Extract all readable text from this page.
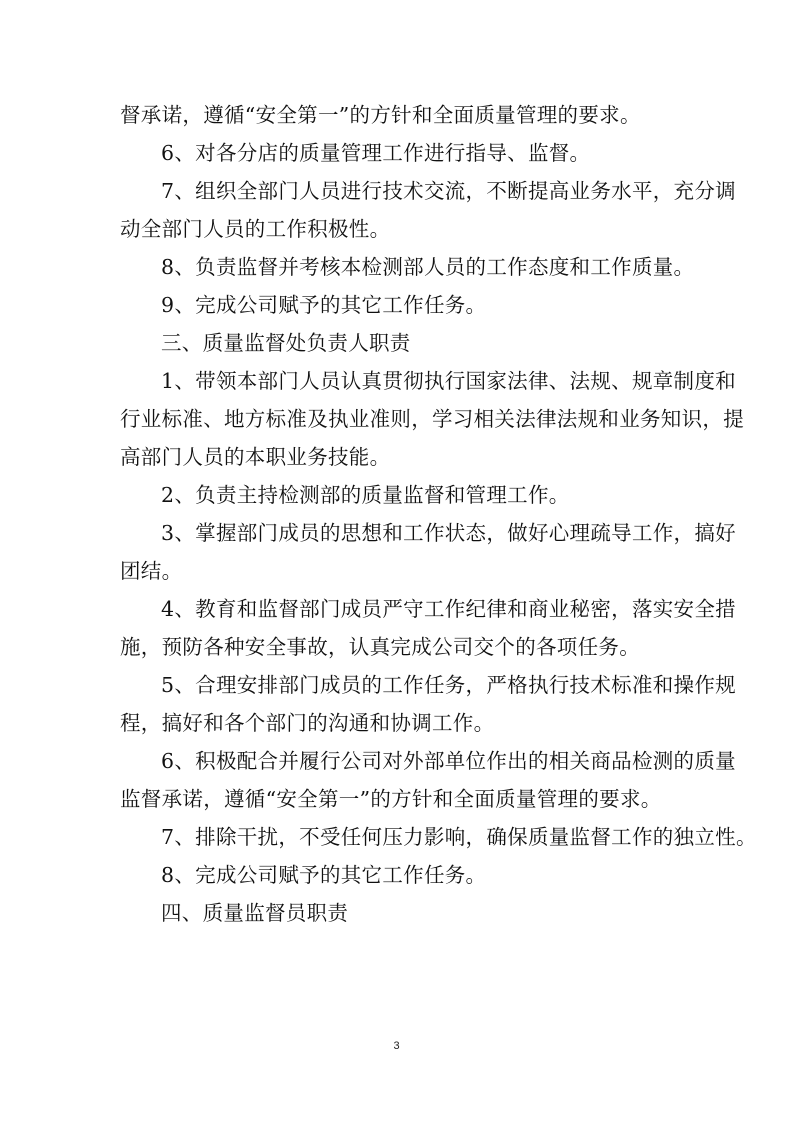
督承诺，遵循“安全第一”的方针和全面质量管理的要求。
6、对各分店的质量管理工作进行指导、监督。
7、组织全部门人员进行技术交流，不断提高业务水平，充分调
动全部门人员的工作积极性。
8、负责监督并考核本检测部人员的工作态度和工作质量。
9、完成公司赋予的其它工作任务。
三、质量监督处负责人职责
1、带领本部门人员认真贯彻执行国家法律、法规、规章制度和
行业标准、地方标准及执业准则，学习相关法律法规和业务知识，提
高部门人员的本职业务技能。
2、负责主持检测部的质量监督和管理工作。
3、掌握部门成员的思想和工作状态，做好心理疏导工作，搞好
团结。
4、教育和监督部门成员严守工作纪律和商业秘密，落实安全措
施，预防各种安全事故，认真完成公司交个的各项任务。
5、合理安排部门成员的工作任务，严格执行技术标准和操作规
程，搞好和各个部门的沟通和协调工作。
6、积极配合并履行公司对外部单位作出的相关商品检测的质量
监督承诺，遵循“安全第一”的方针和全面质量管理的要求。
7、排除干扰，不受任何压力影响，确保质量监督工作的独立性。
8、完成公司赋予的其它工作任务。
四、质量监督员职责
3
